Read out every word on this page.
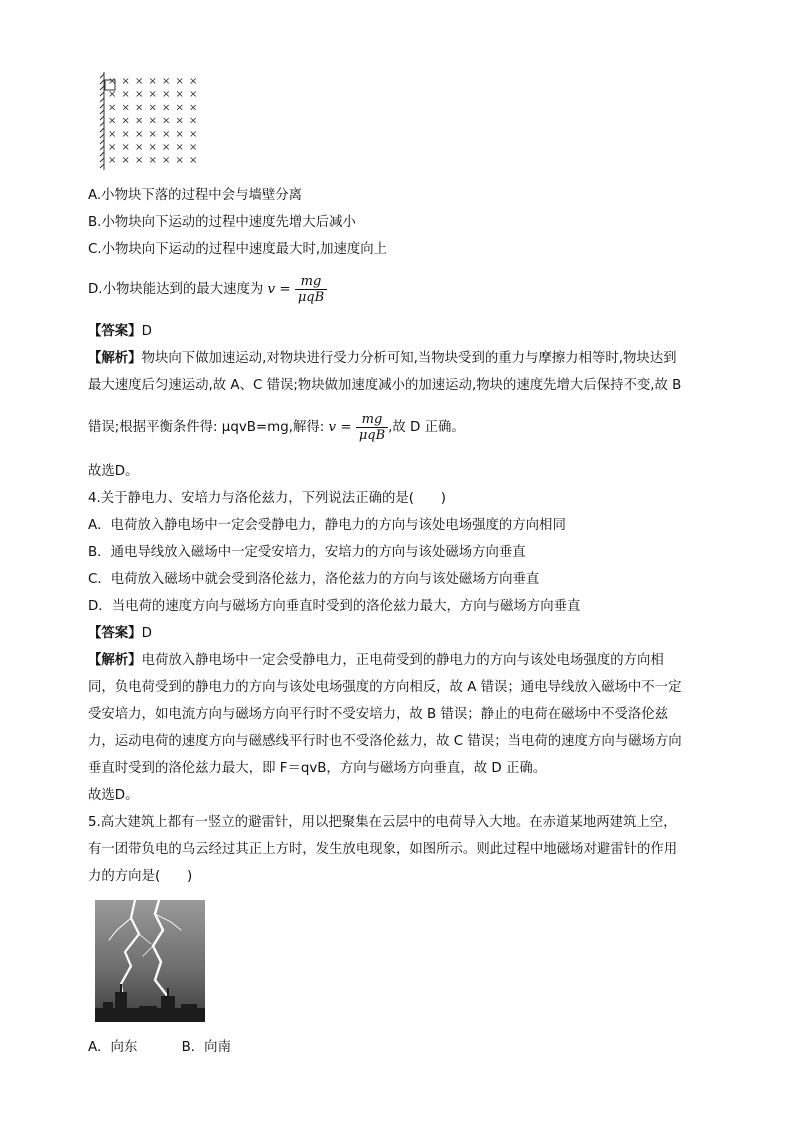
× × × × × × ×
× × × × × × ×
× × × × × × ×
× × × × × × ×
× × × × × × ×
× × × × × × ×
× × × × × × ×
A.小物块下落的过程中会与墙壁分离
B.小物块向下运动的过程中速度先增大后减小
C.小物块向下运动的过程中速度最大时,加速度向上
D.小物块能达到的最大速度为 $v = \frac{mg}{\text{μqB}}$
【答案】D
【解析】物块向下做加速运动,对物块进行受力分析可知,当物块受到的重力与摩擦力相等时,物块达到
最大速度后匀速运动,故 A、C 错误;物块做加速度减小的加速运动,物块的速度先增大后保持不变,故 B
错误;根据平衡条件得: μqvB=mg,解得: $v = \frac{mg}{\text{μqB}}$ ,故 D 正确。
故选D。
4.关于静电力、安培力与洛伦兹力，下列说法正确的是(　　)
A．电荷放入静电场中一定会受静电力，静电力的方向与该处电场强度的方向相同
B．通电导线放入磁场中一定受安培力，安培力的方向与该处磁场方向垂直
C．电荷放入磁场中就会受到洛伦兹力，洛伦兹力的方向与该处磁场方向垂直
D．当电荷的速度方向与磁场方向垂直时受到的洛伦兹力最大，方向与磁场方向垂直
【答案】D
【解析】电荷放入静电场中一定会受静电力，正电荷受到的静电力的方向与该处电场强度的方向相
同，负电荷受到的静电力的方向与该处电场强度的方向相反，故 A 错误；通电导线放入磁场中不一定
受安培力，如电流方向与磁场方向平行时不受安培力，故 B 错误；静止的电荷在磁场中不受洛伦兹
力，运动电荷的速度方向与磁感线平行时也不受洛伦兹力，故 C 错误；当电荷的速度方向与磁场方向
垂直时受到的洛伦兹力最大，即 F＝qvB，方向与磁场方向垂直，故 D 正确。
故选D。
5.高大建筑上都有一竖立的避雷针，用以把聚集在云层中的电荷导入大地。在赤道某地两建筑上空，
有一团带负电的乌云经过其正上方时，发生放电现象，如图所示。则此过程中地磁场对避雷针的作用
力的方向是(　　)
A．向东	B．向南
